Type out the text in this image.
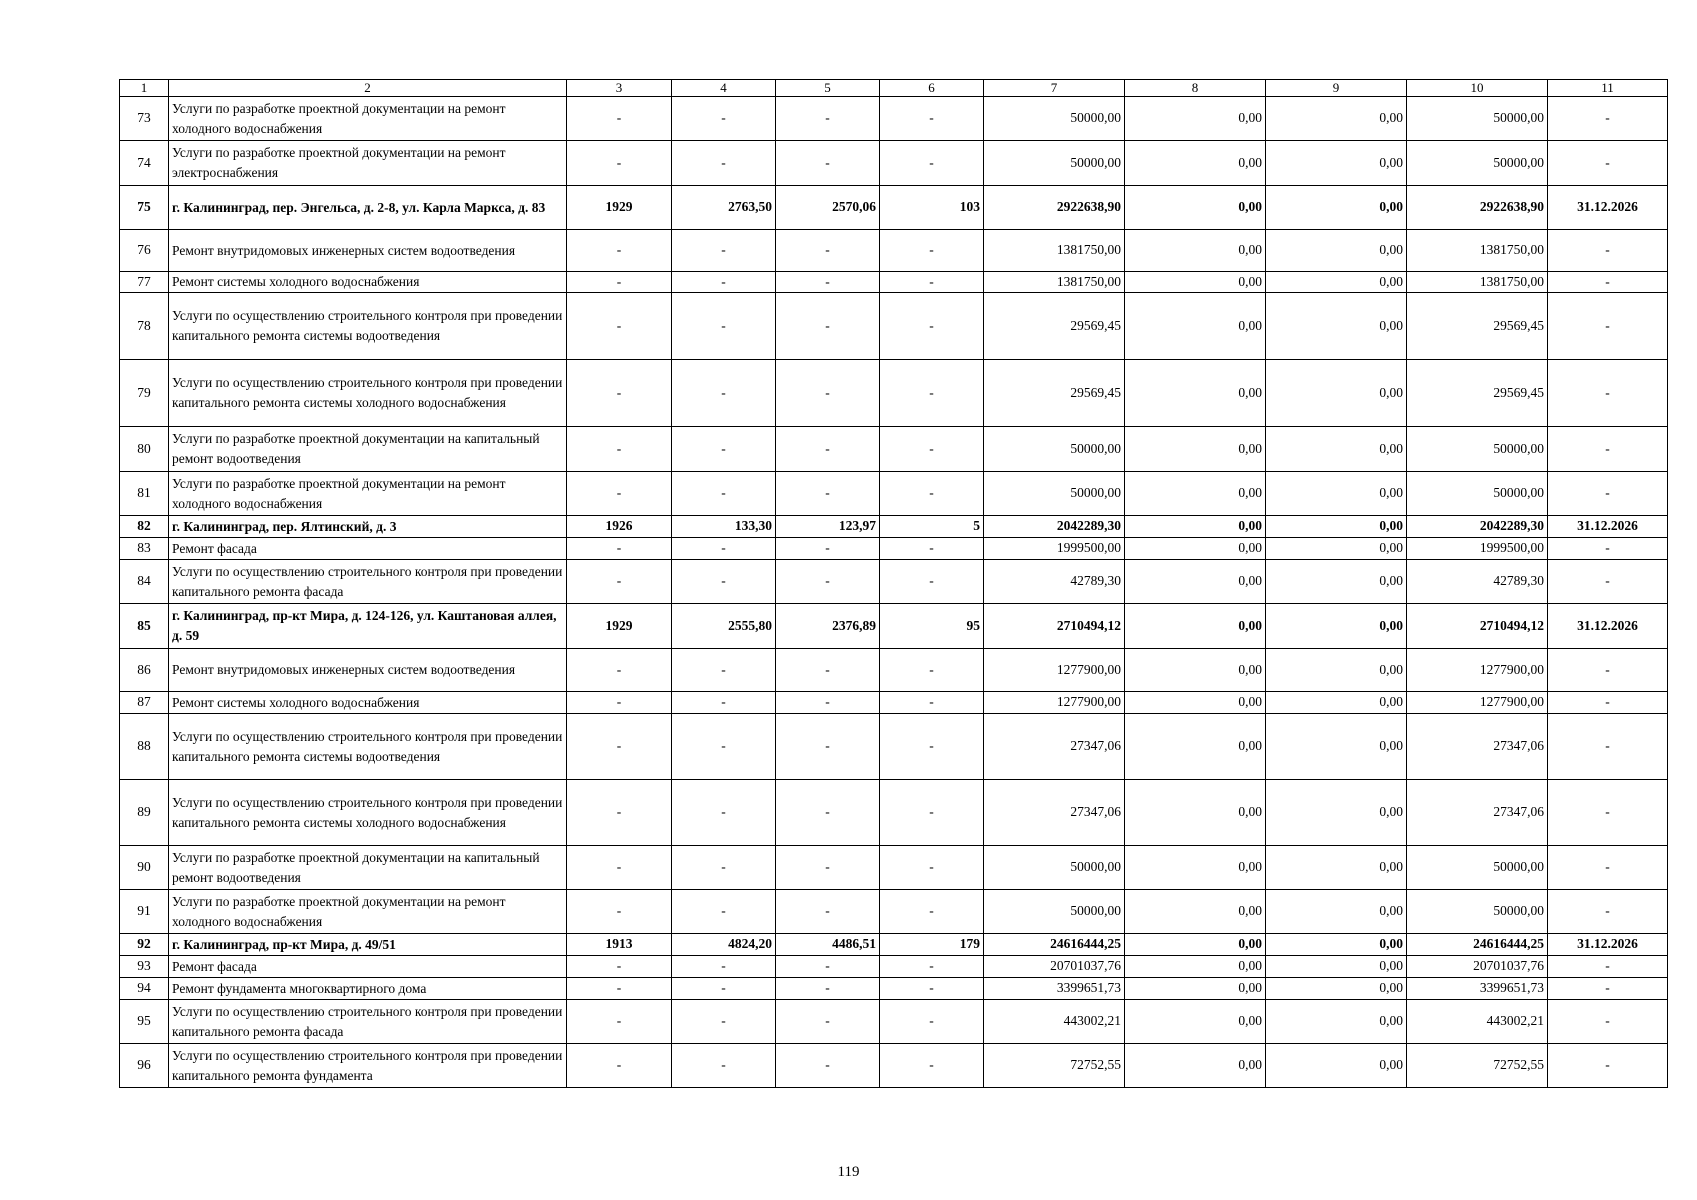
1	2	3	4	5	6	7	8	9	10	11
73	Услуги по разработке проектной документации на ремонт холодного водоснабжения	-	-	-	-	50000,00	0,00	0,00	50000,00	-
74	Услуги по разработке проектной документации на ремонт электроснабжения	-	-	-	-	50000,00	0,00	0,00	50000,00	-
75	г. Калининград, пер. Энгельса, д. 2-8, ул. Карла Маркса, д. 83	1929	2763,50	2570,06	103	2922638,90	0,00	0,00	2922638,90	31.12.2026
76	Ремонт внутридомовых инженерных систем водоотведения	-	-	-	-	1381750,00	0,00	0,00	1381750,00	-
77	Ремонт системы холодного водоснабжения	-	-	-	-	1381750,00	0,00	0,00	1381750,00	-
78	Услуги по осуществлению строительного контроля при проведении капитального ремонта системы водоотведения	-	-	-	-	29569,45	0,00	0,00	29569,45	-
79	Услуги по осуществлению строительного контроля при проведении капитального ремонта системы холодного водоснабжения	-	-	-	-	29569,45	0,00	0,00	29569,45	-
80	Услуги по разработке проектной документации на капитальный ремонт водоотведения	-	-	-	-	50000,00	0,00	0,00	50000,00	-
81	Услуги по разработке проектной документации на ремонт холодного водоснабжения	-	-	-	-	50000,00	0,00	0,00	50000,00	-
82	г. Калининград, пер. Ялтинский, д. 3	1926	133,30	123,97	5	2042289,30	0,00	0,00	2042289,30	31.12.2026
83	Ремонт фасада	-	-	-	-	1999500,00	0,00	0,00	1999500,00	-
84	Услуги по осуществлению строительного контроля при проведении капитального ремонта фасада	-	-	-	-	42789,30	0,00	0,00	42789,30	-
85	г. Калининград, пр-кт Мира, д. 124-126, ул. Каштановая аллея, д. 59	1929	2555,80	2376,89	95	2710494,12	0,00	0,00	2710494,12	31.12.2026
86	Ремонт внутридомовых инженерных систем водоотведения	-	-	-	-	1277900,00	0,00	0,00	1277900,00	-
87	Ремонт системы холодного водоснабжения	-	-	-	-	1277900,00	0,00	0,00	1277900,00	-
88	Услуги по осуществлению строительного контроля при проведении капитального ремонта системы водоотведения	-	-	-	-	27347,06	0,00	0,00	27347,06	-
89	Услуги по осуществлению строительного контроля при проведении капитального ремонта системы холодного водоснабжения	-	-	-	-	27347,06	0,00	0,00	27347,06	-
90	Услуги по разработке проектной документации на капитальный ремонт водоотведения	-	-	-	-	50000,00	0,00	0,00	50000,00	-
91	Услуги по разработке проектной документации на ремонт холодного водоснабжения	-	-	-	-	50000,00	0,00	0,00	50000,00	-
92	г. Калининград, пр-кт Мира, д. 49/51	1913	4824,20	4486,51	179	24616444,25	0,00	0,00	24616444,25	31.12.2026
93	Ремонт фасада	-	-	-	-	20701037,76	0,00	0,00	20701037,76	-
94	Ремонт фундамента многоквартирного дома	-	-	-	-	3399651,73	0,00	0,00	3399651,73	-
95	Услуги по осуществлению строительного контроля при проведении капитального ремонта фасада	-	-	-	-	443002,21	0,00	0,00	443002,21	-
96	Услуги по осуществлению строительного контроля при проведении капитального ремонта фундамента	-	-	-	-	72752,55	0,00	0,00	72752,55	-
119
